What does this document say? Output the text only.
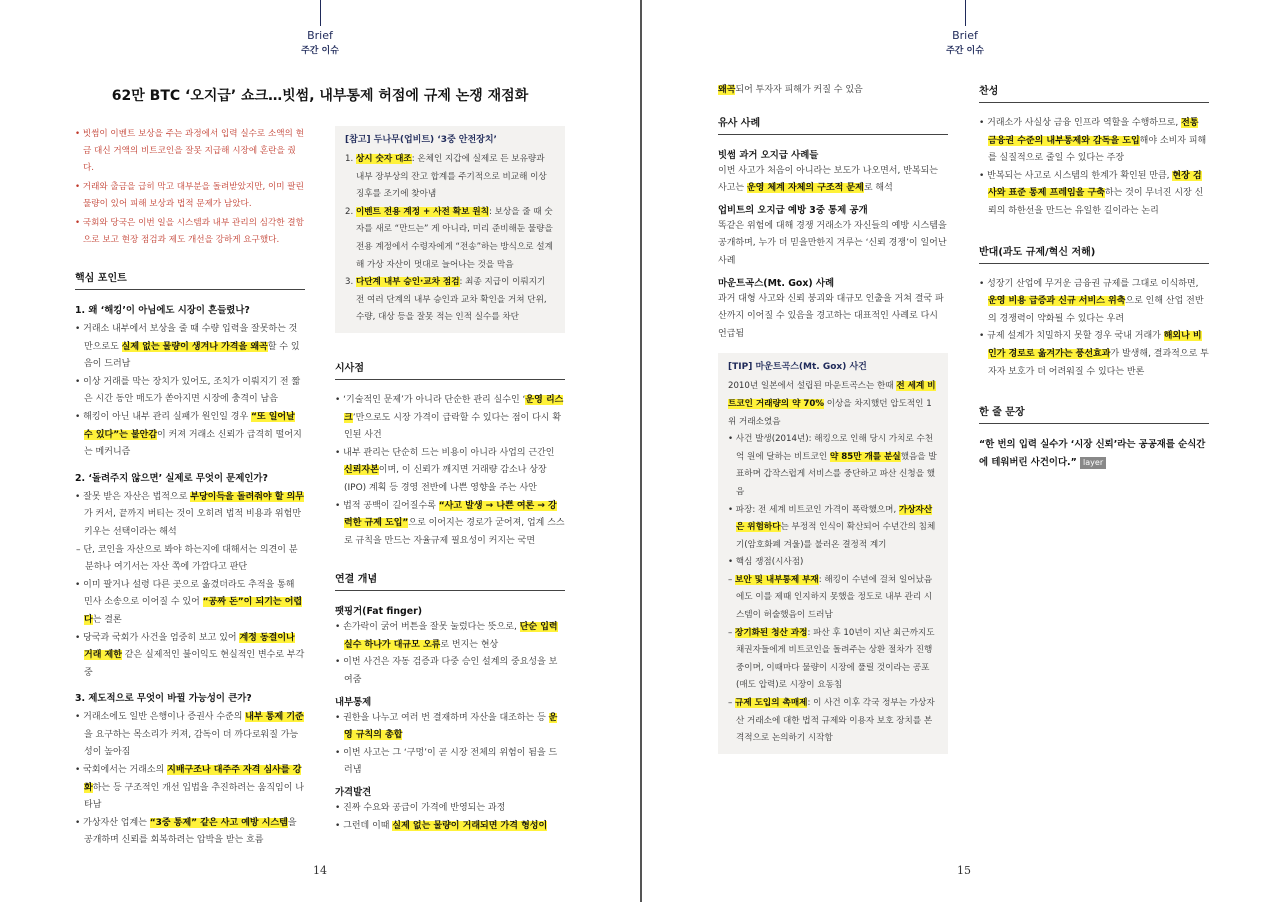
Brief
주간 이슈
62만 BTC ‘오지급’ 쇼크…빗썸, 내부통제 허점에 규제 논쟁 재점화

• 빗썸이 이벤트 보상을 주는 과정에서 입력 실수로 소액의 현금 대신 거액의 비트코인을 잘못 지급해 시장에 혼란을 줬다.

• 거래와 출금을 급히 막고 대부분을 돌려받았지만, 이미 팔린 물량이 있어 피해 보상과 법적 문제가 남았다.

• 국회와 당국은 이번 일을 시스템과 내부 관리의 심각한 결함으로 보고 현장 점검과 제도 개선을 강하게 요구했다.

핵심 포인트
1. 왜 ‘해킹’이 아님에도 시장이 흔들렸나?

• 거래소 내부에서 보상을 줄 때 수량 입력을 잘못하는 것만으로도 실제 없는 물량이 생겨나 가격을 왜곡할 수 있음이 드러남

• 이상 거래를 막는 장치가 있어도, 조치가 이뤄지기 전 짧은 시간 동안 매도가 쏟아지면 시장에 충격이 남음

• 해킹이 아닌 내부 관리 실패가 원인일 경우 “또 일어날 수 있다”는 불안감이 커져 거래소 신뢰가 급격히 떨어지는 메커니즘

2. ‘돌려주지 않으면’ 실제로 무엇이 문제인가?

• 잘못 받은 자산은 법적으로 부당이득을 돌려줘야 할 의무가 커서, 끝까지 버티는 것이 오히려 법적 비용과 위험만 키우는 선택이라는 해석

– 단, 코인을 자산으로 봐야 하는지에 대해서는 의견이 분분하나 여기서는 자산 쪽에 가깝다고 판단

• 이미 팔거나 설령 다른 곳으로 옮겼더라도 추적을 통해 민사 소송으로 이어질 수 있어 “공짜 돈”이 되기는 어렵다는 결론

• 당국과 국회가 사건을 엄중히 보고 있어 계정 동결이나 거래 제한 같은 실제적인 불이익도 현실적인 변수로 부각 중

3. 제도적으로 무엇이 바뀔 가능성이 큰가?

• 거래소에도 일반 은행이나 증권사 수준의 내부 통제 기준을 요구하는 목소리가 커져, 감독이 더 까다로워질 가능성이 높아짐

• 국회에서는 거래소의 지배구조나 대주주 자격 심사를 강화하는 등 구조적인 개선 입법을 추진하려는 움직임이 나타남

• 가상자산 업계는 “3중 통제” 같은 사고 예방 시스템을 공개하며 신뢰를 회복하려는 압박을 받는 흐름

[참고] 두나무(업비트) ‘3중 안전장치’

1. 상시 숫자 대조: 온체인 지갑에 실제로 든 보유량과 내부 장부상의 잔고 합계를 주기적으로 비교해 이상 징후를 조기에 찾아냄

2. 이벤트 전용 계정 + 사전 확보 원칙: 보상을 줄 때 숫자를 새로 “만드는” 게 아니라, 미리 준비해둔 물량을 전용 계정에서 수령자에게 “전송”하는 방식으로 설계해 가상 자산이 멋대로 늘어나는 것을 막음

3. 다단계 내부 승인·교차 점검: 최종 지급이 이뤄지기 전 여러 단계의 내부 승인과 교차 확인을 거쳐 단위, 수량, 대상 등을 잘못 적는 인적 실수를 차단

시사점

• ‘기술적인 문제’가 아니라 단순한 관리 실수인 ‘운영 리스크’만으로도 시장 가격이 급락할 수 있다는 점이 다시 확인된 사건

• 내부 관리는 단순히 드는 비용이 아니라 사업의 근간인 신뢰자본이며, 이 신뢰가 깨지면 거래량 감소나 상장(IPO) 계획 등 경영 전반에 나쁜 영향을 주는 사안

• 법적 공백이 길어질수록 “사고 발생 → 나쁜 여론 → 강력한 규제 도입”으로 이어지는 경로가 굳어져, 업계 스스로 규칙을 만드는 자율규제 필요성이 커지는 국면

연결 개념
팻핑거(Fat finger)

• 손가락이 굵어 버튼을 잘못 눌렀다는 뜻으로, 단순 입력 실수 하나가 대규모 오류로 번지는 현상

• 이번 사건은 자동 검증과 다중 승인 설계의 중요성을 보여줌

내부통제

• 권한을 나누고 여러 번 결재하며 자산을 대조하는 등 운영 규칙의 총합

• 이번 사고는 그 ‘구멍’이 곧 시장 전체의 위험이 됨을 드러냄

가격발견

• 진짜 수요와 공급이 가격에 반영되는 과정

• 그런데 이때 실제 없는 물량이 거래되면 가격 형성이

14
Brief
주간 이슈

왜곡되어 투자자 피해가 커질 수 있음

유사 사례
빗썸 과거 오지급 사례들

이번 사고가 처음이 아니라는 보도가 나오면서, 반복되는 사고는 운영 체계 자체의 구조적 문제로 해석

업비트의 오지급 예방 3중 통제 공개

똑같은 위험에 대해 경쟁 거래소가 자신들의 예방 시스템을 공개하며, 누가 더 믿을만한지 겨루는 ‘신뢰 경쟁’이 일어난 사례

마운트곡스(Mt. Gox) 사례

과거 대형 사고와 신뢰 붕괴와 대규모 인출을 거쳐 결국 파산까지 이어질 수 있음을 경고하는 대표적인 사례로 다시 언급됨

[TIP] 마운트곡스(Mt. Gox) 사건

2010년 일본에서 설립된 마운트곡스는 한때 전 세계 비트코인 거래량의 약 70% 이상을 차지했던 압도적인 1위 거래소였음

• 사건 발생(2014년): 해킹으로 인해 당시 가치로 수천억 원에 달하는 비트코인 약 85만 개를 분실했음을 발표하며 갑작스럽게 서비스를 중단하고 파산 신청을 했음

• 파장: 전 세계 비트코인 가격이 폭락했으며, 가상자산은 위험하다는 부정적 인식이 확산되어 수년간의 침체기(암호화폐 겨울)를 불러온 결정적 계기

• 핵심 쟁점(시사점)

– 보안 및 내부통제 부재: 해킹이 수년에 걸쳐 일어났음에도 이를 제때 인지하지 못했을 정도로 내부 관리 시스템이 허술했음이 드러남

– 장기화된 청산 과정: 파산 후 10년이 지난 최근까지도 채권자들에게 비트코인을 돌려주는 상환 절차가 진행 중이며, 이때마다 물량이 시장에 풀릴 것이라는 공포(매도 압력)로 시장이 요동침

– 규제 도입의 촉매제: 이 사건 이후 각국 정부는 가상자산 거래소에 대한 법적 규제와 이용자 보호 장치를 본격적으로 논의하기 시작함

찬성

• 거래소가 사실상 금융 인프라 역할을 수행하므로, 전통 금융권 수준의 내부통제와 감독을 도입해야 소비자 피해를 실질적으로 줄일 수 있다는 주장

• 반복되는 사고로 시스템의 한계가 확인된 만큼, 현장 검사와 표준 통제 프레임을 구축하는 것이 무너진 시장 신뢰의 하한선을 만드는 유일한 길이라는 논리

반대(과도 규제/혁신 저해)

• 성장기 산업에 무거운 금융권 규제를 그대로 이식하면, 운영 비용 급증과 신규 서비스 위축으로 인해 산업 전반의 경쟁력이 약화될 수 있다는 우려

• 규제 설계가 치밀하지 못할 경우 국내 거래가 해외나 비인가 경로로 옮겨가는 풍선효과가 발생해, 결과적으로 투자자 보호가 더 어려워질 수 있다는 반론

한 줄 문장
“한 번의 입력 실수가 ‘시장 신뢰’라는 공공재를 순식간에 테워버린 사건이다.” layer
15
